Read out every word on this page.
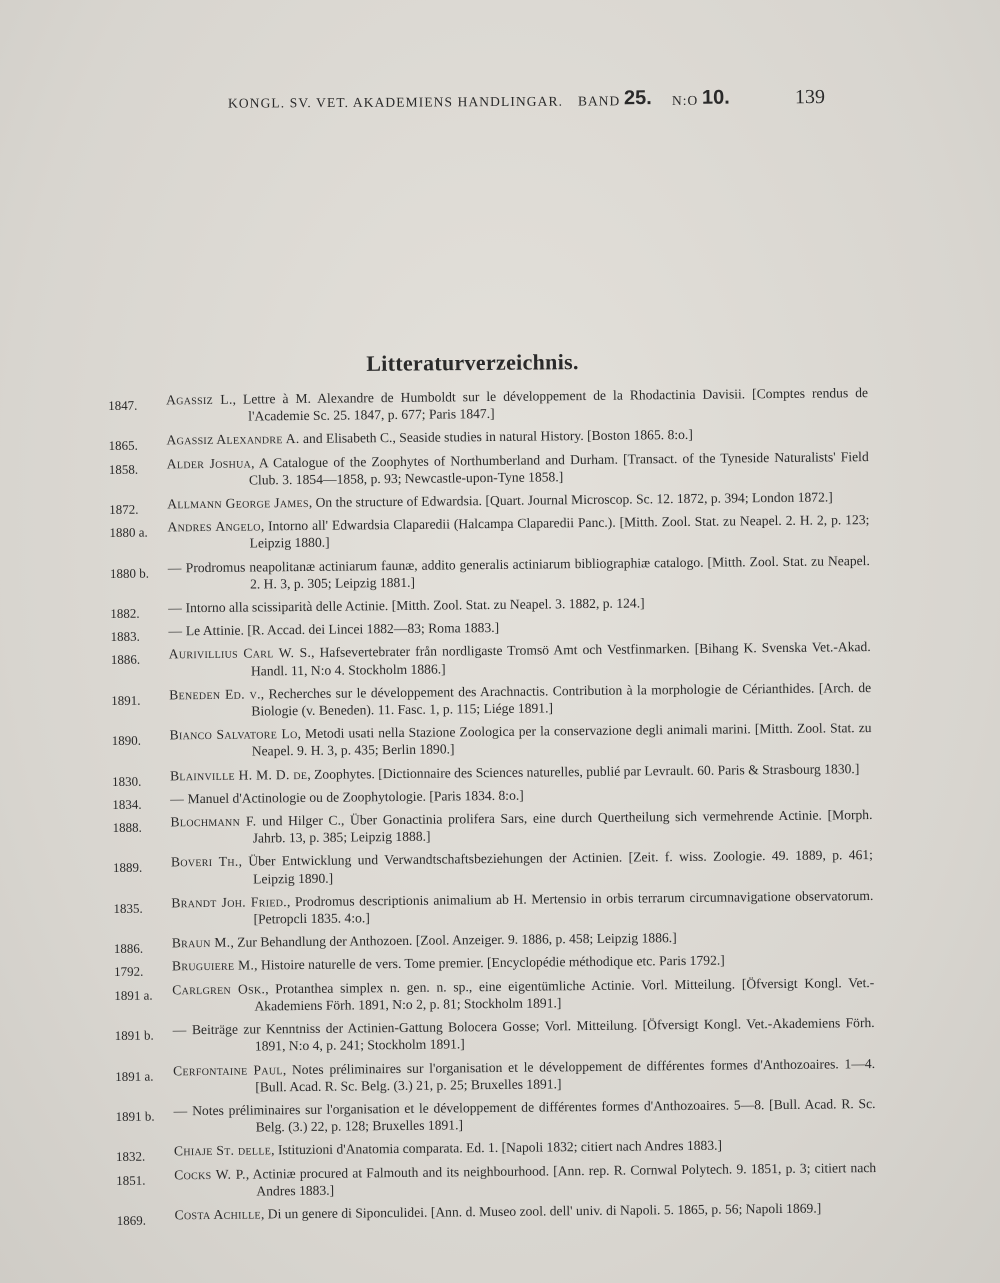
KONGL. SV. VET. AKADEMIENS HANDLINGAR. BAND 25. N:O 10.	139
Litteraturverzeichnis.
1847.	Agassiz L., Lettre à M. Alexandre de Humboldt sur le développement de la Rhodactinia Davisii. [Comptes rendus de l'Academie Sc. 25. 1847, p. 677; Paris 1847.]
1865.	Agassiz Alexandre A. and Elisabeth C., Seaside studies in natural History. [Boston 1865. 8:o.]
1858.	Alder Joshua, A Catalogue of the Zoophytes of Northumberland and Durham. [Transact. of the Tyneside Naturalists' Field Club. 3. 1854—1858, p. 93; Newcastle-upon-Tyne 1858.]
1872.	Allmann George James, On the structure of Edwardsia. [Quart. Journal Microscop. Sc. 12. 1872, p. 394; London 1872.]
1880 a.	Andres Angelo, Intorno all' Edwardsia Claparedii (Halcampa Claparedii Panc.). [Mitth. Zool. Stat. zu Neapel. 2. H. 2, p. 123; Leipzig 1880.]
1880 b.	— Prodromus neapolitanæ actiniarum faunæ, addito generalis actiniarum bibliographiæ catalogo. [Mitth. Zool. Stat. zu Neapel. 2. H. 3, p. 305; Leipzig 1881.]
1882.	— Intorno alla scissiparità delle Actinie. [Mitth. Zool. Stat. zu Neapel. 3. 1882, p. 124.]
1883.	— Le Attinie. [R. Accad. dei Lincei 1882—83; Roma 1883.]
1886.	Aurivillius Carl W. S., Hafsevertebrater från nordligaste Tromsö Amt och Vestfinmarken. [Bihang K. Svenska Vet.-Akad. Handl. 11, N:o 4. Stockholm 1886.]
1891.	Beneden Ed. v., Recherches sur le développement des Arachnactis. Contribution à la morphologie de Cérianthides. [Arch. de Biologie (v. Beneden). 11. Fasc. 1, p. 115; Liége 1891.]
1890.	Bianco Salvatore Lo, Metodi usati nella Stazione Zoologica per la conservazione degli animali marini. [Mitth. Zool. Stat. zu Neapel. 9. H. 3, p. 435; Berlin 1890.]
1830.	Blainville H. M. D. de, Zoophytes. [Dictionnaire des Sciences naturelles, publié par Levrault. 60. Paris & Strasbourg 1830.]
1834.	— Manuel d'Actinologie ou de Zoophytologie. [Paris 1834. 8:o.]
1888.	Blochmann F. und Hilger C., Über Gonactinia prolifera Sars, eine durch Quertheilung sich vermehrende Actinie. [Morph. Jahrb. 13, p. 385; Leipzig 1888.]
1889.	Boveri Th., Über Entwicklung und Verwandtschaftsbeziehungen der Actinien. [Zeit. f. wiss. Zoologie. 49. 1889, p. 461; Leipzig 1890.]
1835.	Brandt Joh. Fried., Prodromus descriptionis animalium ab H. Mertensio in orbis terrarum circumnavigatione observatorum. [Petropcli 1835. 4:o.]
1886.	Braun M., Zur Behandlung der Anthozoen. [Zool. Anzeiger. 9. 1886, p. 458; Leipzig 1886.]
1792.	Bruguiere M., Histoire naturelle de vers. Tome premier. [Encyclopédie méthodique etc. Paris 1792.]
1891 a.	Carlgren Osk., Protanthea simplex n. gen. n. sp., eine eigentümliche Actinie. Vorl. Mitteilung. [Öfversigt Kongl. Vet.-Akademiens Förh. 1891, N:o 2, p. 81; Stockholm 1891.]
1891 b.	— Beiträge zur Kenntniss der Actinien-Gattung Bolocera Gosse; Vorl. Mitteilung. [Öfversigt Kongl. Vet.-Akademiens Förh. 1891, N:o 4, p. 241; Stockholm 1891.]
1891 a.	Cerfontaine Paul, Notes préliminaires sur l'organisation et le développement de différentes formes d'Anthozoaires. 1—4. [Bull. Acad. R. Sc. Belg. (3.) 21, p. 25; Bruxelles 1891.]
1891 b.	— Notes préliminaires sur l'organisation et le développement de différentes formes d'Anthozoaires. 5—8. [Bull. Acad. R. Sc. Belg. (3.) 22, p. 128; Bruxelles 1891.]
1832.	Chiaje St. delle, Istituzioni d'Anatomia comparata. Ed. 1. [Napoli 1832; citiert nach Andres 1883.]
1851.	Cocks W. P., Actiniæ procured at Falmouth and its neighbourhood. [Ann. rep. R. Cornwal Polytech. 9. 1851, p. 3; citiert nach Andres 1883.]
1869.	Costa Achille, Di un genere di Siponculidei. [Ann. d. Museo zool. dell' univ. di Napoli. 5. 1865, p. 56; Napoli 1869.]
